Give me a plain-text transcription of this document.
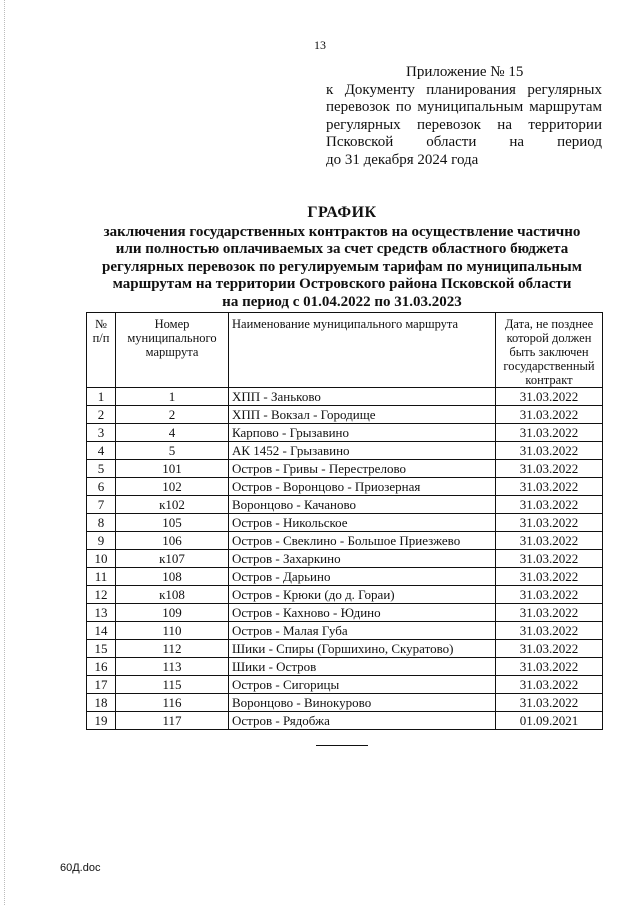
13
Приложение № 15
к Документу планирования регулярных
перевозок по муниципальным маршрутам
регулярных перевозок на территории
Псковской области на период
до 31 декабря 2024 года
ГРАФИК
заключения государственных контрактов на осуществление частично
или полностью оплачиваемых за счет средств областного бюджета
регулярных перевозок по регулируемым тарифам по муниципальным
маршрутам на территории Островского района Псковской области
на период с 01.04.2022 по 31.03.2023
№ п/п	Номер муниципального маршрута	Наименование муниципального маршрута	Дата, не позднее которой должен быть заключен государственный контракт
1	1	ХПП - Заньково	31.03.2022
2	2	ХПП - Вокзал - Городище	31.03.2022
3	4	Карпово - Грызавино	31.03.2022
4	5	АК 1452 - Грызавино	31.03.2022
5	101	Остров - Гривы - Перестрелово	31.03.2022
6	102	Остров - Воронцово - Приозерная	31.03.2022
7	к102	Воронцово - Качаново	31.03.2022
8	105	Остров - Никольское	31.03.2022
9	106	Остров - Свеклино - Большое Приезжево	31.03.2022
10	к107	Остров - Захаркино	31.03.2022
11	108	Остров - Дарьино	31.03.2022
12	к108	Остров - Крюки (до д. Гораи)	31.03.2022
13	109	Остров - Кахново - Юдино	31.03.2022
14	110	Остров - Малая Губа	31.03.2022
15	112	Шики - Спиры (Горшихино, Скуратово)	31.03.2022
16	113	Шики - Остров	31.03.2022
17	115	Остров - Сигорицы	31.03.2022
18	116	Воронцово - Винокурово	31.03.2022
19	117	Остров - Рядобжа	01.09.2021
60Д.doc
